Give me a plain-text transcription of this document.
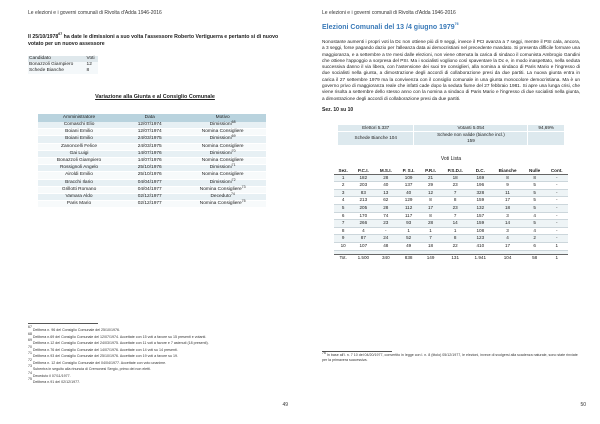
Le elezioni e i governi comunali di Rivolta d'Adda 1946-2016

Il 25/10/1978$^{67}$ ha date le dimissioni a suo volta l'assessore Roberto Vertiguerra e pertanto si di nuovo votato per un nuovo assessore

Candidato	Voti
Bonazzoli Giampiero	12
Schede Bianche	8
Variazione alla Giunta e al Consiglio Comunale
Amministratore	Data	Motivo
Comaschi Elio	12/07/1974	Dimissioni$^{68}$
Boiani Emilio	12/07/1974	Nomina Consigliere
Boiani Emilio	24/03/1975	Dimissioni$^{69}$
Zanoncelli Felice	24/03/1975	Nomina Consigliere
Gai Luigi	14/07/1976	Dimissioni$^{70}$
Bonazzoli Giampiero	14/07/1976	Nomina Consigliere
Rossignoli Angelo	25/10/1976	Dimissioni$^{71}$
Airoldi Emilio	25/10/1976	Nomina Consigliere
Bracchi Ilario	04/04/1977	Dimissioni$^{72}$
Grillotti Romano	04/04/1977	Nomina Consigliere$^{73}$
Vamara Aldo	02/12/1977	Deceduto$^{74}$
Paris Mario	02/12/1977	Nomina Consigliere$^{75}$
$^{67}$ Delibera n. 96 del Consiglio Comunale del 25/10/1976.
$^{68}$ Delibera n.69 del Consiglio Comunale del 12/07/1974. Accettate con 15 voti a favore su 15 presenti e votanti.
$^{69}$ Delibera n.12 del Consiglio Comunale del 24/03/1975. Accettate con 11 voti a favore e 7 astenuti (18 presenti).
$^{70}$ Delibera n.76 del Consiglio Comunale del 14/07/1976. Accettate con 14 voti su 14 presenti.
$^{71}$ Delibera n.93 del Consiglio Comunale del 25/10/1976. Accettate con 19 voti a favore su 19.
$^{72}$ Delibera n. 12 del Consiglio Comunale del 04/04/1977. Accettate con voto unanime.
$^{73}$ Subentra in seguito alla rinuncia di Cremonesi Sergio, primo dei non eletti.
$^{74}$ Deceduto il 07/11/1977.
$^{75}$ Delibera n.91 del 02/12/1977.
49
Le elezioni e i governi comunali di Rivolta d'Adda 1946-2016
Elezioni Comunali del 13 /4 giugno 1979$^{76}$

Nonostante aumenti i propri voti la Dc non ottiene più di 9 seggi, invece il PCI avanza a 7 seggi, mentre il PSI cala, ancora, a 3 seggi, forse pagando dazio per l'alleanza data ai democristiani nel precedente mandato. Si presenta difficile formare una maggioranza, e a settembre a tre mesi dalle elezioni, non viene ottenuta la carica di sindaco il comunista Ambrogio Gandini che ottiene l'appoggio a sorpresa del PSI. Ma i socialisti vogliono così spaventare la Dc e, in modo inaspettato, nella seduta successiva danno il via libera, con l'astensione dei suoi tre consiglieri, alla nomina a sindaco di Paris Mario e l'ingresso di due socialisti nella giunta, a dimostrazione degli accordi di collaborazione presi da due partiti. La nuova giunta entra in carica il 27 settembre 1979 ma la convivenza con il consiglio comunale in una giunta monocolore democristiana. Ma è un governo privo di maggioranza reale che infatti cade dopo la seduta fiume del 27 febbraio 1981. Si apre una lunga crisi, che viene risolta a settembre dello stesso anno con la nomina a sindaco di Paris Mario e l'ingresso di due socialisti nella giunta, a dimostrazione degli accordi di collaborazione presi da due partiti.

Sez. 10 su 10
Elettori 5.337	Votanti 5.054	94,69%
Schede Bianche 104	Schede non valide (bianche incl.)
159	
Voti Lista
Sez.	P.C.I.	M.S.I.	P. S.I.	P.R.I.	P.S.D.I.	D.C.	Bianche	Nulle	Cont.
1	182	28	109	21	18	169	8	8	-
2	203	40	137	29	23	196	9	5	-
3	83	13	40	12	7	328	11	5	-
4	213	62	129	8	8	159	17	5	-
5	205	28	112	17	23	132	18	5	-
6	170	74	117	8	7	157	3	4	-
7	266	23	93	28	14	159	14	5	-
8	4	-	1	1	1	108	3	4	-
9	87	24	52	7	8	123	4	2	-
10	107	48	49	18	22	410	17	6	1

Tot.	1.500	340	838	149	131	1.941	104	58	1
$^{76}$ In base all'l. n. 7 10 del 04/20/1977, convertito in legge con l. n. 8 (titolo) 05/12/1977, le elezioni, invece di svolgersi alla scadenza naturale, sono state rinviate per la primavera successiva.
50
